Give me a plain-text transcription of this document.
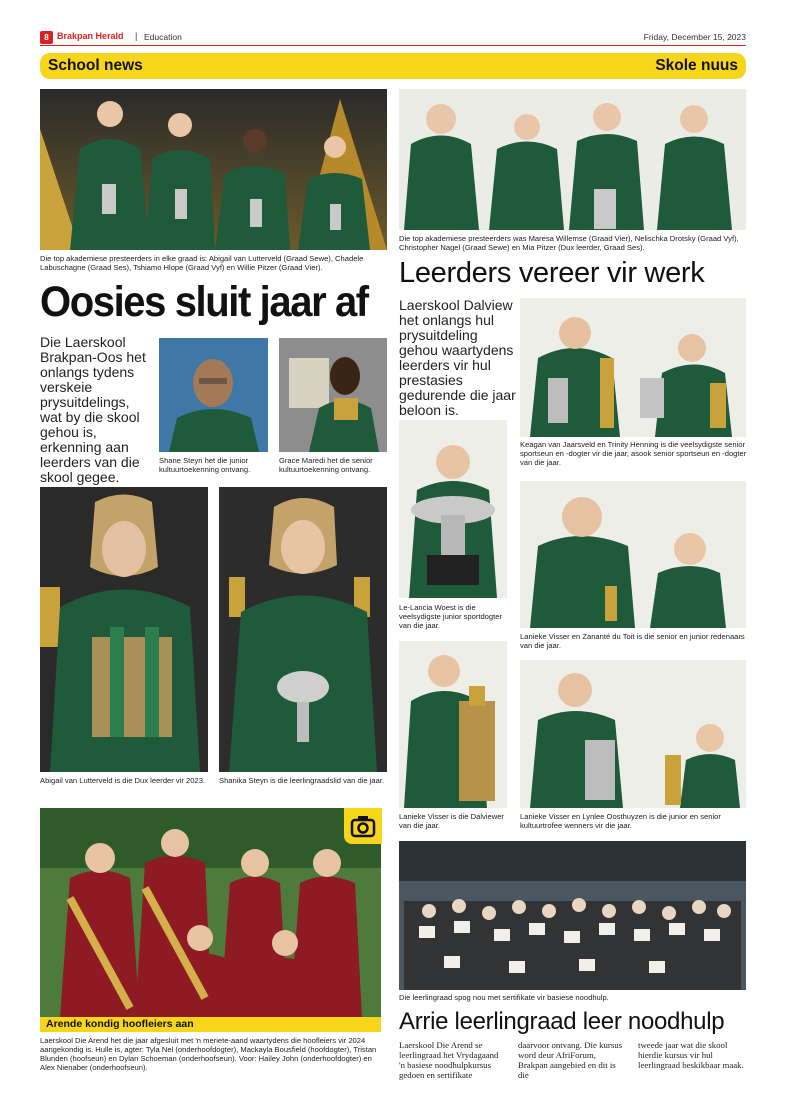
8 Brakpan Herald | Education	Friday, December 15, 2023
School news	Skole nuus
Die top akademiese presteerders in elke graad is: Abigail van Lutterveld (Graad Sewe), Chadele Labuschagne (Graad Ses), Tshiamo Hlope (Graad Vyf) en Willie Pitzer (Graad Vier).
Oosies sluit jaar af
Die Laerskool Brakpan-Oos het onlangs tydens verskeie prysuitdelings, wat by die skool gehou is, erkenning aan leerders van die skool gegee.
Shane Steyn het die junior kultuurtoekenning ontvang.
Grace Maredi het die senior kultuurtoekenning ontvang.
Abigail van Lutterveld is die Dux leerder vir 2023.	Shanika Steyn is die leerlingraadslid van die jaar.
Arende kondig hoofleiers aan
Laerskool Die Arend het die jaar afgesluit met 'n meriete-aand waartydens die hoofleiers vir 2024 aangekondig is. Hulle is, agter: Tyla Nel (onderhoofdogter), Mackayla Bousfield (hoofdogter), Tristan Blunden (hoofseun) en Dylan Schoeman (onderhoofseun). Voor: Hailey John (onderhoofdogter) en Alex Nienaber (onderhoofseun).
Die top akademiese presteerders was Maresa Willemse (Graad Vier), Nelischka Drotsky (Graad Vyf), Christopher Nagel (Graad Sewe) en Mia Pitzer (Dux leerder, Graad Ses).
Leerders vereer vir werk
Laerskool Dalview het onlangs hul prysuitdeling gehou waartydens leerders vir hul prestasies gedurende die jaar beloon is.
Keagan van Jaarsveld en Trinity Henning is die veelsydigste senior sportseun en -dogter vir die jaar, asook senior sportseun en -dogter van die jaar.
Le-Lancia Woest is die veelsydigste junior sportdogter van die jaar.
Lanieke Visser en Zananté du Toit is die senior en junior redenaars van die jaar.
Lanieke Visser is die Dalviewer van die jaar.
Lanieke Visser en Lynlee Oosthuyzen is die junior en senior kultuurtrofee wenners vir die jaar.
Die leerlingraad spog nou met sertifikate vir basiese noodhulp.
Arrie leerlingraad leer noodhulp
Laerskool Die Arend se leerlingraad het Vrydagaand 'n basiese noodhulpkursus gedoen en sertifikate
daarvoor ontvang. Die kursus word deur AfriForum, Brakpan aangebied en dit is die
tweede jaar wat die skool hierdie kursus vir hul leerlingraad beskikbaar maak.
